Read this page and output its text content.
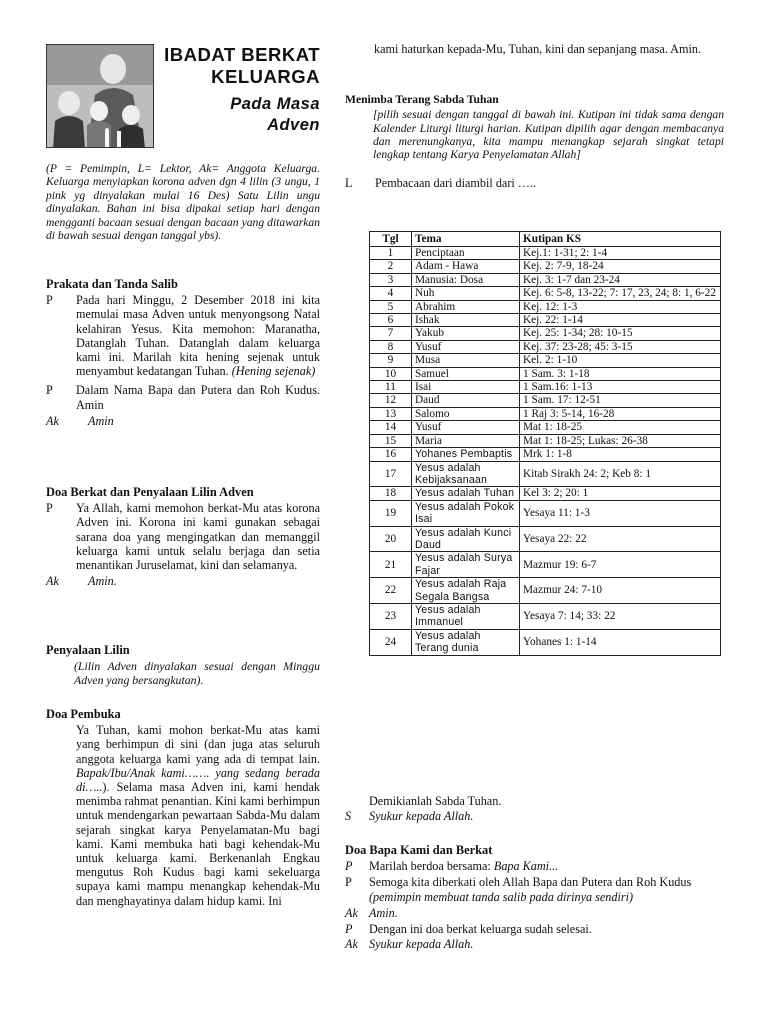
IBADAT BERKAT
KELUARGA
Pada Masa
Adven
(P = Pemimpin, L= Lektor, Ak= Anggota Keluarga. Keluarga menyiapkan korona adven dgn 4 lilin (3 ungu, 1 pink yg dinyalakan mulai 16 Des) Satu Lilin ungu dinyalakan. Bahan ini bisa dipakai setiap hari dengan mengganti bacaan sesuai dengan bacaan yang ditawarkan di bawah sesuai dengan tanggal ybs).
Prakata dan Tanda Salib
P	Pada hari Minggu, 2 Desember 2018 ini kita memulai masa Adven untuk menyongsong Natal kelahiran Yesus. Kita memohon: Maranatha, Datanglah Tuhan. Datanglah dalam keluarga kami ini. Marilah kita hening sejenak untuk menyambut kedatangan Tuhan. (Hening sejenak)
P	Dalam Nama Bapa dan Putera dan Roh Kudus. Amin
Ak	Amin
Doa Berkat dan Penyalaan Lilin Adven
P	Ya Allah, kami memohon berkat-Mu atas korona Adven ini. Korona ini kami gunakan sebagai sarana doa yang mengingatkan dan memanggil keluarga kami untuk selalu berjaga dan setia menantikan Juruselamat, kini dan selamanya.
Ak	Amin.
Penyalaan Lilin
(Lilin Adven dinyalakan sesuai dengan Minggu Adven yang bersangkutan).
Doa Pembuka
Ya Tuhan, kami mohon berkat-Mu atas kami yang berhimpun di sini (dan juga atas seluruh anggota keluarga kami yang ada di tempat lain. Bapak/Ibu/Anak kami……. yang sedang berada di…..). Selama masa Adven ini, kami hendak menimba rahmat penantian. Kini kami berhimpun untuk mendengarkan pewartaan Sabda-Mu dalam sejarah singkat karya Penyelamatan-Mu bagi kami. Kami membuka hati bagi kehendak-Mu untuk keluarga kami. Berkenanlah Engkau mengutus Roh Kudus bagi kami sekeluarga supaya kami mampu menangkap kehendak-Mu dan menghayatinya dalam hidup kami. Ini
kami haturkan kepada-Mu, Tuhan, kini dan sepanjang masa. Amin.
Menimba Terang Sabda Tuhan
[pilih sesuai dengan tanggal di bawah ini. Kutipan ini tidak sama dengan Kalender Liturgi liturgi harian. Kutipan dipilih agar dengan membacanya dan merenungkanya, kita mampu menangkap sejarah singkat tetapi lengkap tentang Karya Penyelamatan Allah]
L	Pembacaan dari diambil dari …..
Tgl	Tema	Kutipan KS
1	Penciptaan	Kej.1: 1-31; 2: 1-4
2	Adam - Hawa	Kej. 2: 7-9, 18-24
3	Manusia: Dosa	Kej. 3: 1-7 dan 23-24
4	Nuh	Kej. 6: 5-8, 13-22; 7: 17, 23, 24; 8: 1, 6-22
5	Abrahim	Kej. 12: 1-3
6	Ishak	Kej. 22: 1-14
7	Yakub	Kej. 25: 1-34; 28: 10-15
8	Yusuf	Kej. 37: 23-28; 45: 3-15
9	Musa	Kel. 2: 1-10
10	Samuel	1 Sam. 3: 1-18
11	Isai	1 Sam.16: 1-13
12	Daud	1 Sam. 17: 12-51
13	Salomo	1 Raj 3: 5-14, 16-28
14	Yusuf	Mat 1: 18-25
15	Maria	Mat 1: 18-25; Lukas: 26-38
16	Yohanes Pembaptis	Mrk 1: 1-8
17	Yesus adalah Kebijaksanaan	Kitab Sirakh 24: 2; Keb 8: 1
18	Yesus adalah Tuhan	Kel 3: 2; 20: 1
19	Yesus adalah Pokok Isai	Yesaya 11: 1-3
20	Yesus adalah Kunci Daud	Yesaya 22: 22
21	Yesus adalah Surya Fajar	Mazmur 19: 6-7
22	Yesus adalah Raja Segala Bangsa	Mazmur 24: 7-10
23	Yesus adalah Immanuel	Yesaya 7: 14; 33: 22
24	Yesus adalah Terang dunia	Yohanes 1: 1-14
Demikianlah Sabda Tuhan.
S	Syukur kepada Allah.
Doa Bapa Kami dan Berkat
P	Marilah berdoa bersama: Bapa Kami...
P	Semoga kita diberkati oleh Allah Bapa dan Putera dan Roh Kudus (pemimpin membuat tanda salib pada dirinya sendiri)
Ak Amin.
P	Dengan ini doa berkat keluarga sudah selesai.
Ak Syukur kepada Allah.
